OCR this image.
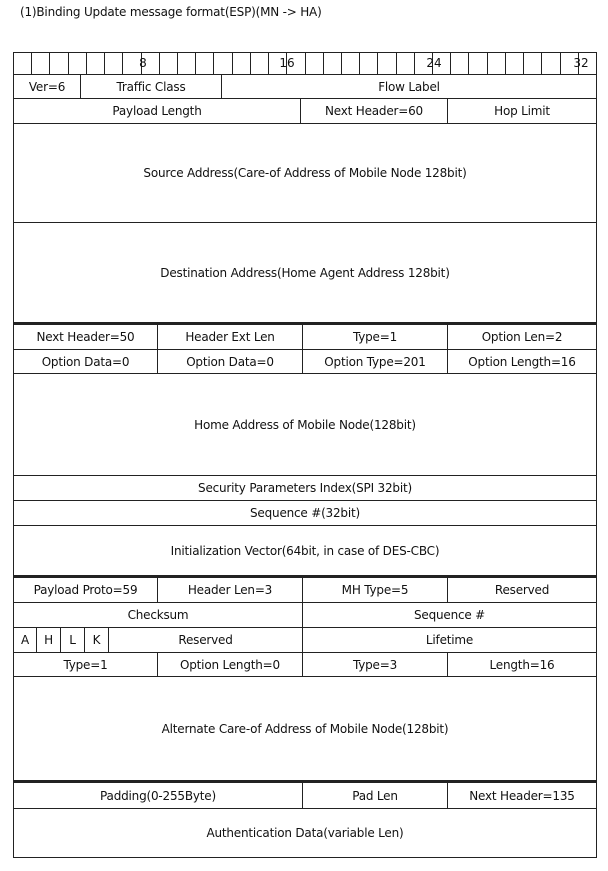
(1)Binding Update message format(ESP)(MN -> HA)
8	16	24	32
Ver=6	Traffic Class	Flow Label
Payload Length	Next Header=60	Hop Limit
Source Address(Care-of Address of Mobile Node 128bit)
Destination Address(Home Agent Address 128bit)
Next Header=50	Header Ext Len	Type=1	Option Len=2
Option Data=0	Option Data=0	Option Type=201	Option Length=16
Home Address of Mobile Node(128bit)
Security Parameters Index(SPI 32bit)
Sequence #(32bit)
Initialization Vector(64bit, in case of DES-CBC)
Payload Proto=59	Header Len=3	MH Type=5	Reserved
Checksum	Sequence #
A	H	L	K	Reserved	Lifetime
Type=1	Option Length=0	Type=3	Length=16
Alternate Care-of Address of Mobile Node(128bit)
Padding(0-255Byte)	Pad Len	Next Header=135
Authentication Data(variable Len)
